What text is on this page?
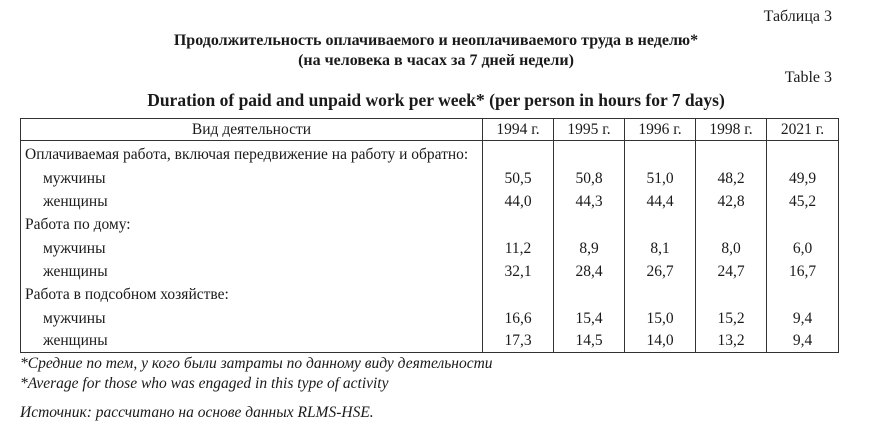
Таблица 3
Продолжительность оплачиваемого и неоплачиваемого труда в неделю*
(на человека в часах за 7 дней недели)
Table 3
Duration of paid and unpaid work per week* (per person in hours for 7 days)
Вид деятельности	1994 г.	1995 г.	1996 г.	1998 г.	2021 г.
Оплачиваемая работа, включая передвижение на работу и обратно:					
мужчины	50,5	50,8	51,0	48,2	49,9
женщины	44,0	44,3	44,4	42,8	45,2
Работа по дому:					
мужчины	11,2	8,9	8,1	8,0	6,0
женщины	32,1	28,4	26,7	24,7	16,7
Работа в подсобном хозяйстве:					
мужчины	16,6	15,4	15,0	15,2	9,4
женщины	17,3	14,5	14,0	13,2	9,4
*Средние по тем, у кого были затраты по данному виду деятельности
*Average for those who was engaged in this type of activity
Источник: рассчитано на основе данных RLMS-HSE.
